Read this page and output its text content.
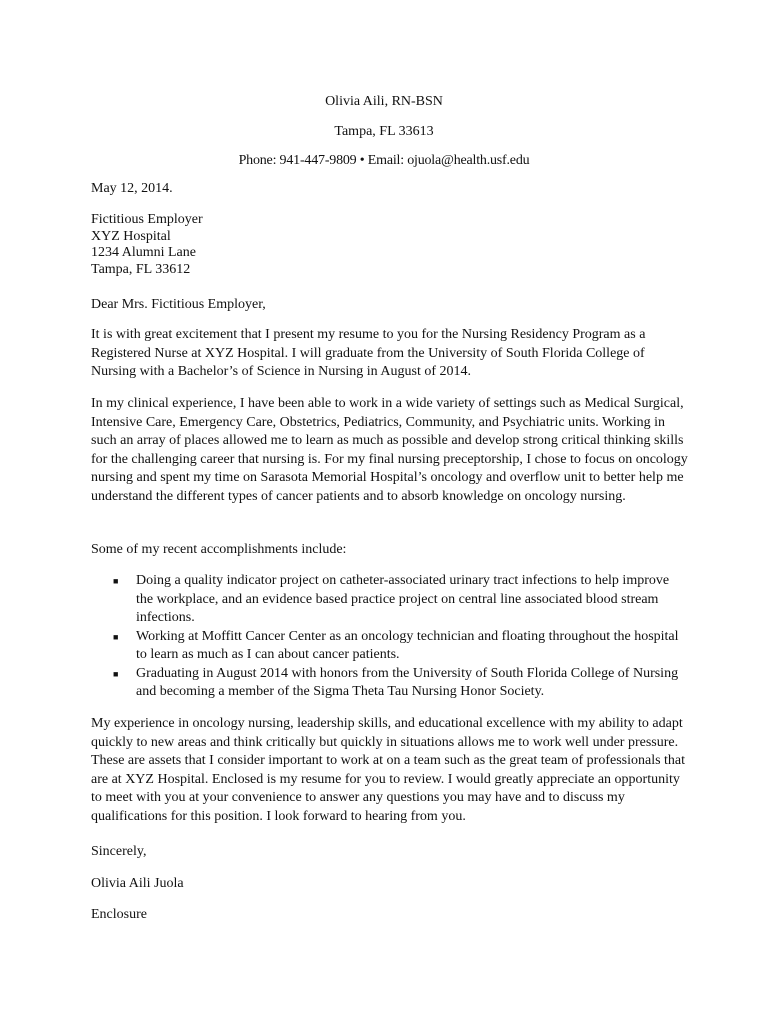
Olivia Aili, RN-BSN
Tampa, FL 33613
Phone: 941-447-9809 • Email: ojuola@health.usf.edu
May 12, 2014.
Fictitious Employer
XYZ Hospital
1234 Alumni Lane
Tampa, FL 33612
Dear Mrs. Fictitious Employer,

It is with great excitement that I present my resume to you for the Nursing Residency Program as a Registered Nurse at XYZ Hospital. I will graduate from the University of South Florida College of Nursing with a Bachelor’s of Science in Nursing in August of 2014.

In my clinical experience, I have been able to work in a wide variety of settings such as Medical Surgical, Intensive Care, Emergency Care, Obstetrics, Pediatrics, Community, and Psychiatric units. Working in such an array of places allowed me to learn as much as possible and develop strong critical thinking skills for the challenging career that nursing is. For my final nursing preceptorship, I chose to focus on oncology nursing and spent my time on Sarasota Memorial Hospital’s oncology and overflow unit to better help me understand the different types of cancer patients and to absorb knowledge on oncology nursing.

Some of my recent accomplishments include:
■ Doing a quality indicator project on catheter-associated urinary tract infections to help improve the workplace, and an evidence based practice project on central line associated blood stream infections.
■ Working at Moffitt Cancer Center as an oncology technician and floating throughout the hospital to learn as much as I can about cancer patients.
■ Graduating in August 2014 with honors from the University of South Florida College of Nursing and becoming a member of the Sigma Theta Tau Nursing Honor Society.

My experience in oncology nursing, leadership skills, and educational excellence with my ability to adapt quickly to new areas and think critically but quickly in situations allows me to work well under pressure. These are assets that I consider important to work at on a team such as the great team of professionals that are at XYZ Hospital. Enclosed is my resume for you to review. I would greatly appreciate an opportunity to meet with you at your convenience to answer any questions you may have and to discuss my qualifications for this position. I look forward to hearing from you.

Sincerely,
Olivia Aili Juola
Enclosure
